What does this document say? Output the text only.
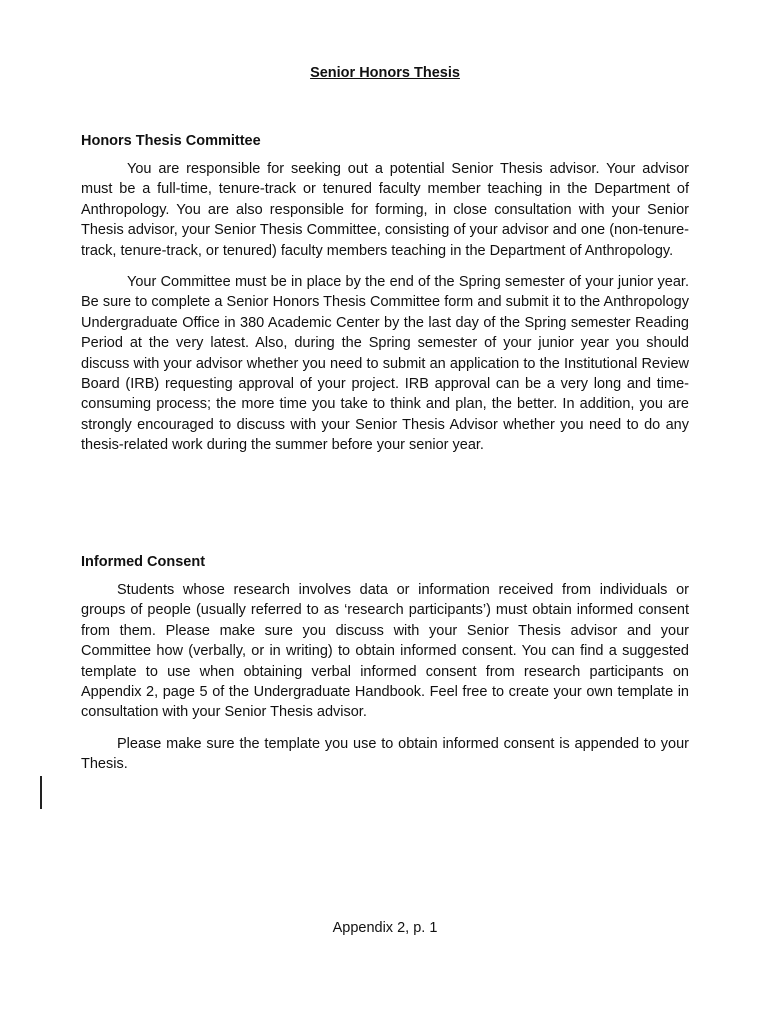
Senior Honors Thesis
Honors Thesis Committee

You are responsible for seeking out a potential Senior Thesis advisor. Your advisor must be a full-time, tenure-track or tenured faculty member teaching in the Department of Anthropology. You are also responsible for forming, in close consultation with your Senior Thesis advisor, your Senior Thesis Committee, consisting of your advisor and one (non-tenure-track, tenure-track, or tenured) faculty members teaching in the Department of Anthropology.

Your Committee must be in place by the end of the Spring semester of your junior year. Be sure to complete a Senior Honors Thesis Committee form and submit it to the Anthropology Undergraduate Office in 380 Academic Center by the last day of the Spring semester Reading Period at the very latest. Also, during the Spring semester of your junior year you should discuss with your advisor whether you need to submit an application to the Institutional Review Board (IRB) requesting approval of your project. IRB approval can be a very long and time-consuming process; the more time you take to think and plan, the better. In addition, you are strongly encouraged to discuss with your Senior Thesis Advisor whether you need to do any thesis-related work during the summer before your senior year.

Informed Consent

Students whose research involves data or information received from individuals or groups of people (usually referred to as ‘research participants’) must obtain informed consent from them. Please make sure you discuss with your Senior Thesis advisor and your Committee how (verbally, or in writing) to obtain informed consent. You can find a suggested template to use when obtaining verbal informed consent from research participants on Appendix 2, page 5 of the Undergraduate Handbook. Feel free to create your own template in consultation with your Senior Thesis advisor.

Please make sure the template you use to obtain informed consent is appended to your Thesis.

Appendix 2, p. 1
